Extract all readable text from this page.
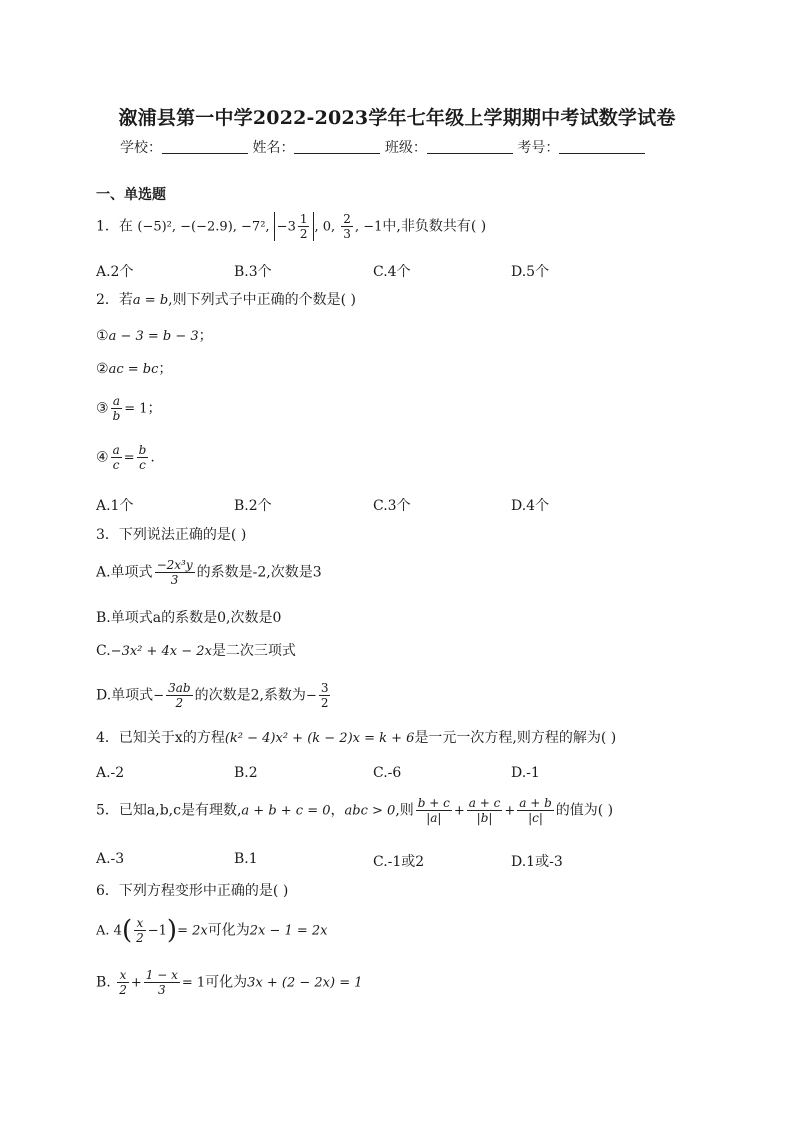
溆浦县第一中学2022-2023学年七年级上学期期中考试数学试卷
学校：	姓名：	班级：	考号：
一、单选题
1．在 (−5)², −(−2.9), −7², $-3 \frac{1}{2}$ , 0, $\frac{2}{3}$ , −1中,非负数共有( )
A.2个	B.3个	C.4个	D.5个
2．若a = b,则下列式子中正确的个数是( )
①a − 3 = b − 3；
②ac = bc；
③ $\frac{a}{b} = 1$；
④ $\frac{a}{c} = \frac{b}{c}$ .
A.1个	B.2个	C.3个	D.4个
3．下列说法正确的是( )
A.单项式 $\frac{\text{−2x³y}}{3}$ 的系数是-2,次数是3
B.单项式a的系数是0,次数是0
C.−3x² + 4x − 2x是二次三项式
D.单项式− $\frac{3ab}{2}$ 的次数是2,系数为− $\frac{3}{2}$
4．已知关于x的方程(k² − 4)x² + (k − 2)x = k + 6是一元一次方程,则方程的解为( )
A.-2	B.2	C.-6	D.-1
5．已知a,b,c是有理数,a + b + c = 0，abc > 0,则 $\frac{b + c}{|a|} + \frac{a + c}{|b|} + \frac{a + b}{|c|}$ 的值为( )
A.-3	B.1	C.-1或2	D.1或-3
6．下列方程变形中正确的是( )
A. $4( \frac{x}{2} -1)= 2x$可化为2x − 1 = 2x
B. $\frac{x}{2} + \frac{1 - x}{3} = 1$可化为3x + (2 − 2x) = 1
